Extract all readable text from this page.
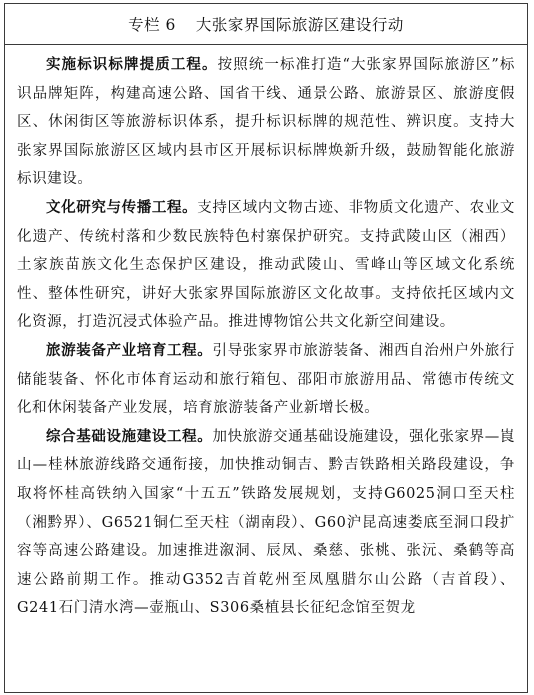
专栏 6 大张家界国际旅游区建设行动

实施标识标牌提质工程。按照统一标准打造“大张家界国际旅游区”标识品牌矩阵，构建高速公路、国省干线、通景公路、旅游景区、旅游度假区、休闲街区等旅游标识体系，提升标识标牌的规范性、辨识度。支持大张家界国际旅游区区域内县市区开展标识标牌焕新升级，鼓励智能化旅游标识建设。

文化研究与传播工程。支持区域内文物古迹、非物质文化遗产、农业文化遗产、传统村落和少数民族特色村寨保护研究。支持武陵山区（湘西）土家族苗族文化生态保护区建设，推动武陵山、雪峰山等区域文化系统性、整体性研究，讲好大张家界国际旅游区文化故事。支持依托区域内文化资源，打造沉浸式体验产品。推进博物馆公共文化新空间建设。

旅游装备产业培育工程。引导张家界市旅游装备、湘西自治州户外旅行储能装备、怀化市体育运动和旅行箱包、邵阳市旅游用品、常德市传统文化和休闲装备产业发展，培育旅游装备产业新增长极。

综合基础设施建设工程。加快旅游交通基础设施建设，强化张家界—崀山—桂林旅游线路交通衔接，加快推动铜吉、黔吉铁路相关路段建设，争取将怀桂高铁纳入国家“十五五”铁路发展规划，支持G6025洞口至天柱（湘黔界）、G6521铜仁至天柱（湖南段）、G60沪昆高速娄底至洞口段扩容等高速公路建设。加速推进溆洞、辰凤、桑慈、张桃、张沅、桑鹤等高速公路前期工作。推动G352吉首乾州至凤凰腊尔山公路（吉首段）、G241石门清水湾—壶瓶山、S306桑植县长征纪念馆至贺龙
